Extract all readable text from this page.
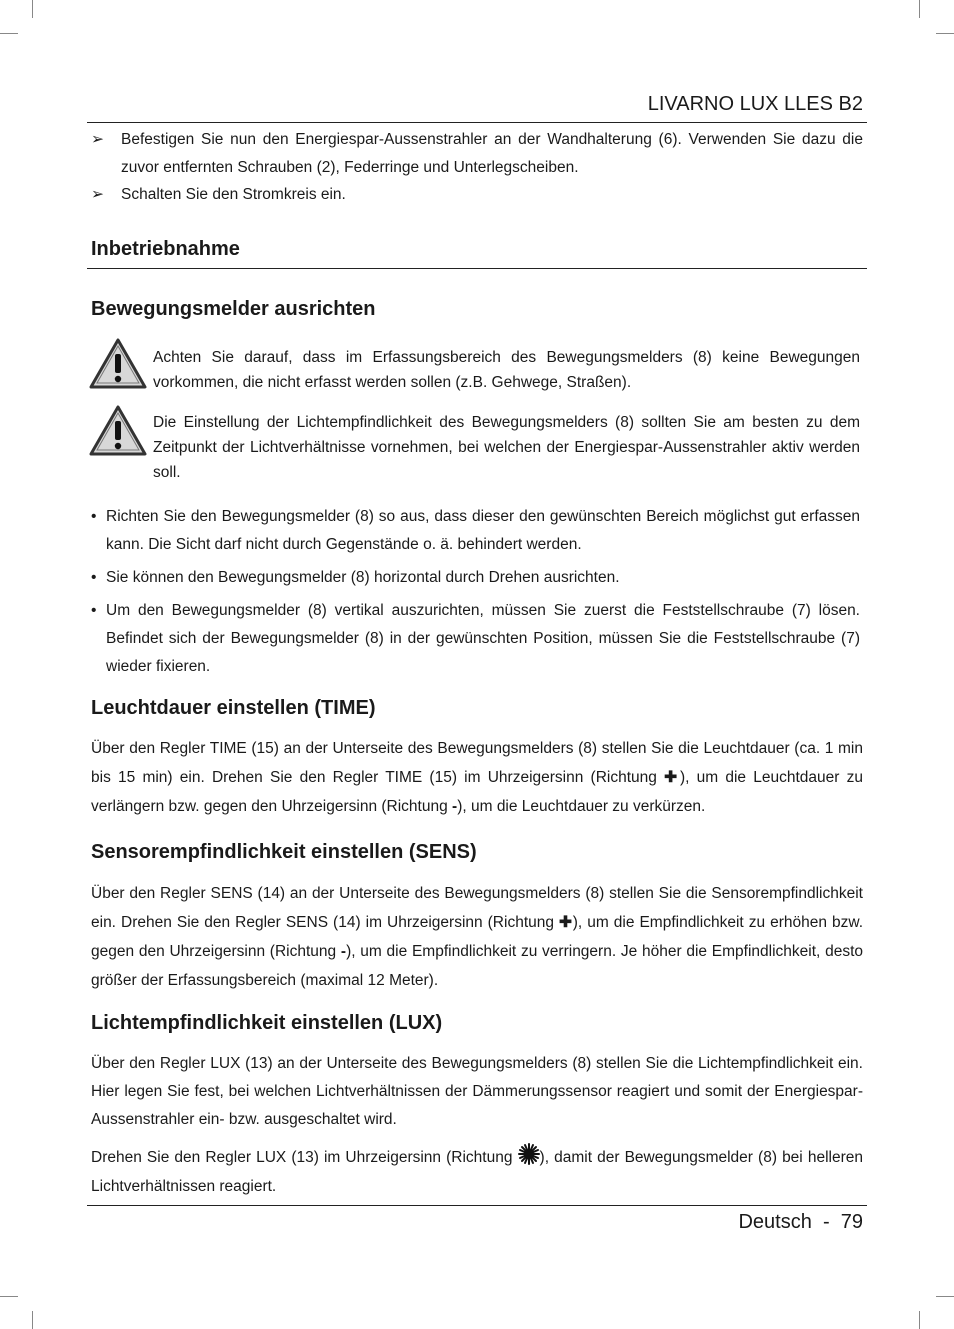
LIVARNO LUX LLES B2
➢	Befestigen Sie nun den Energiespar-Aussenstrahler an der Wandhalterung (6). Verwenden Sie dazu die zuvor entfernten Schrauben (2), Federringe und Unterlegscheiben.
➢	Schalten Sie den Stromkreis ein.
Inbetriebnahme
Bewegungsmelder ausrichten

Achten Sie darauf, dass im Erfassungsbereich des Bewegungsmelders (8) keine Bewegungen vorkommen, die nicht erfasst werden sollen (z.B. Gehwege, Straßen).

Die Einstellung der Lichtempfindlichkeit des Bewegungsmelders (8) sollten Sie am besten zu dem Zeitpunkt der Lichtverhältnisse vornehmen, bei welchen der Energiespar-Aussenstrahler aktiv werden soll.

• Richten Sie den Bewegungsmelder (8) so aus, dass dieser den gewünschten Bereich möglichst gut erfassen kann. Die Sicht darf nicht durch Gegenstände o. ä. behindert werden.
• Sie können den Bewegungsmelder (8) horizontal durch Drehen ausrichten.
• Um den Bewegungsmelder (8) vertikal auszurichten, müssen Sie zuerst die Feststellschraube (7) lösen. Befindet sich der Bewegungsmelder (8) in der gewünschten Position, müssen Sie die Feststellschraube (7) wieder fixieren.
Leuchtdauer einstellen (TIME)

Über den Regler TIME (15) an der Unterseite des Bewegungsmelders (8) stellen Sie die Leuchtdauer (ca. 1 min bis 15 min) ein. Drehen Sie den Regler TIME (15) im Uhrzeigersinn (Richtung ✚), um die Leuchtdauer zu verlängern bzw. gegen den Uhrzeigersinn (Richtung -), um die Leuchtdauer zu verkürzen.

Sensorempfindlichkeit einstellen (SENS)

Über den Regler SENS (14) an der Unterseite des Bewegungsmelders (8) stellen Sie die Sensorempfindlichkeit ein. Drehen Sie den Regler SENS (14) im Uhrzeigersinn (Richtung ✚), um die Empfindlichkeit zu erhöhen bzw. gegen den Uhrzeigersinn (Richtung -), um die Empfindlichkeit zu verringern. Je höher die Empfindlichkeit, desto größer der Erfassungsbereich (maximal 12 Meter).

Lichtempfindlichkeit einstellen (LUX)

Über den Regler LUX (13) an der Unterseite des Bewegungsmelders (8) stellen Sie die Lichtempfindlichkeit ein. Hier legen Sie fest, bei welchen Lichtverhältnissen der Dämmerungssensor reagiert und somit der Energiespar-Aussenstrahler ein- bzw. ausgeschaltet wird.

Drehen Sie den Regler LUX (13) im Uhrzeigersinn (Richtung ), damit der Bewegungsmelder (8) bei helleren Lichtverhältnissen reagiert.

Deutsch  -  79
